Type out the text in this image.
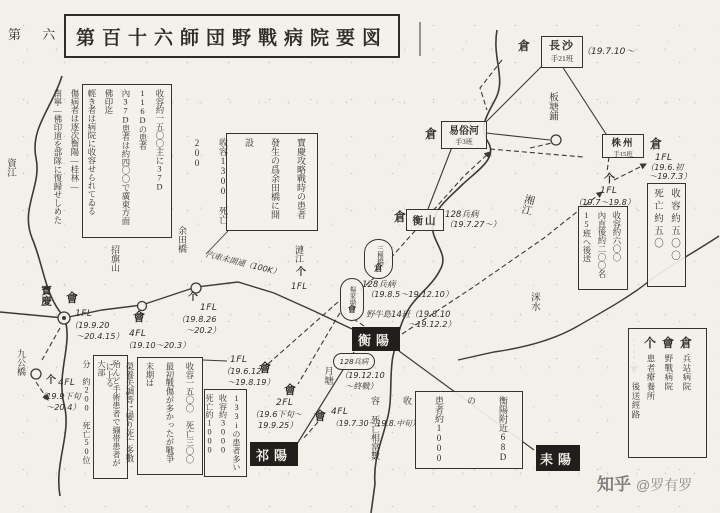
第 六 第百十六師団野戰病院要図

收容約一五〇〇主に37D 116Dの患者

內37D患者は約四〇〇で廣東方面佛印迄

輕き者は病院に收容せられてゐる

傷病者は逐次衡陽―桂林―

南寧―佛印道を部隊に復歸せしめた	寶慶攻略戰時の患者

發生の爲余田橋に開設

收容1300 死亡200

收容約六〇〇

內直後約二〇〇名

15班へ後送	收容約五〇〇

死亡約五〇

殆んど手術患者で繃帯患者が大部

分 約200 死亡50位	收容一五〇〇 死亡三〇〇

最初戰傷が多かったが戰爭末期は

榮養失調等に變り死亡多數に上る

133iの患者多い

收容約3000

死亡約1000	衡陽附近68Dの

患者約1000收

容 死亡相當數

倉	長沙
手21班
（19.7.10～
板塘鋪
倉	易俗河
手3班	株州
手15班
倉
1FL
（19.6.初
～19.7.3）
个
1FL
（19.7～19.8）
倉 衡山
128兵病
（19.7.27～）
湘江
洣水
資江
三極橋
倉
楊家坳
會
128兵病
（19.8.5～19.12.10）
野牛島14班（19.8.10
～19.12.2）
衡陽
128兵病
（19.12.10
～終戰）
月塘
漣江
个
1FL
余田橋
个
1FL
（19.8.26
～20.2）
汽車未開通（100K）
會
4FL
（19.10～20.3）
招旗山
寶慶 會
1FL
（19.9.20
～20.4.15）
九公橋
个 4FL
（19.9下旬
～20.4）
1FL
會
（19.6.12
～19.8.19）
會
2FL
（19.6下旬～
19.9.25）
會 4FL
（19.7.30～19.8.中旬）
祁陽	耒陽
倉
兵站病院
會
野戰病院
个
患者療養所
後送經路
知乎 @罗有罗
